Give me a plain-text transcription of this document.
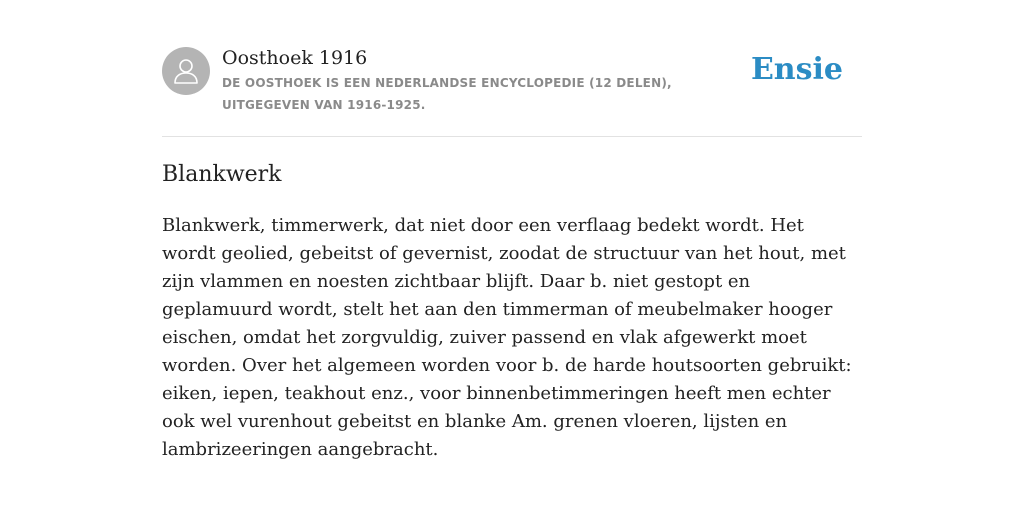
Oosthoek 1916
DE OOSTHOEK IS EEN NEDERLANDSE ENCYCLOPEDIE (12 DELEN), UITGEGEVEN VAN 1916-1925.
Ensie
Blankwerk

Blankwerk, timmerwerk, dat niet door een verflaag bedekt wordt. Het wordt geolied, gebeitst of gevernist, zoodat de structuur van het hout, met zijn vlammen en noesten zichtbaar blijft. Daar b. niet gestopt en geplamuurd wordt, stelt het aan den timmerman of meubelmaker hooger eischen, omdat het zorgvuldig, zuiver passend en vlak afgewerkt moet worden. Over het algemeen worden voor b. de harde houtsoorten gebruikt: eiken, iepen, teakhout enz., voor binnenbetimmeringen heeft men echter ook wel vurenhout gebeitst en blanke Am. grenen vloeren, lijsten en lambrizeeringen aangebracht.
